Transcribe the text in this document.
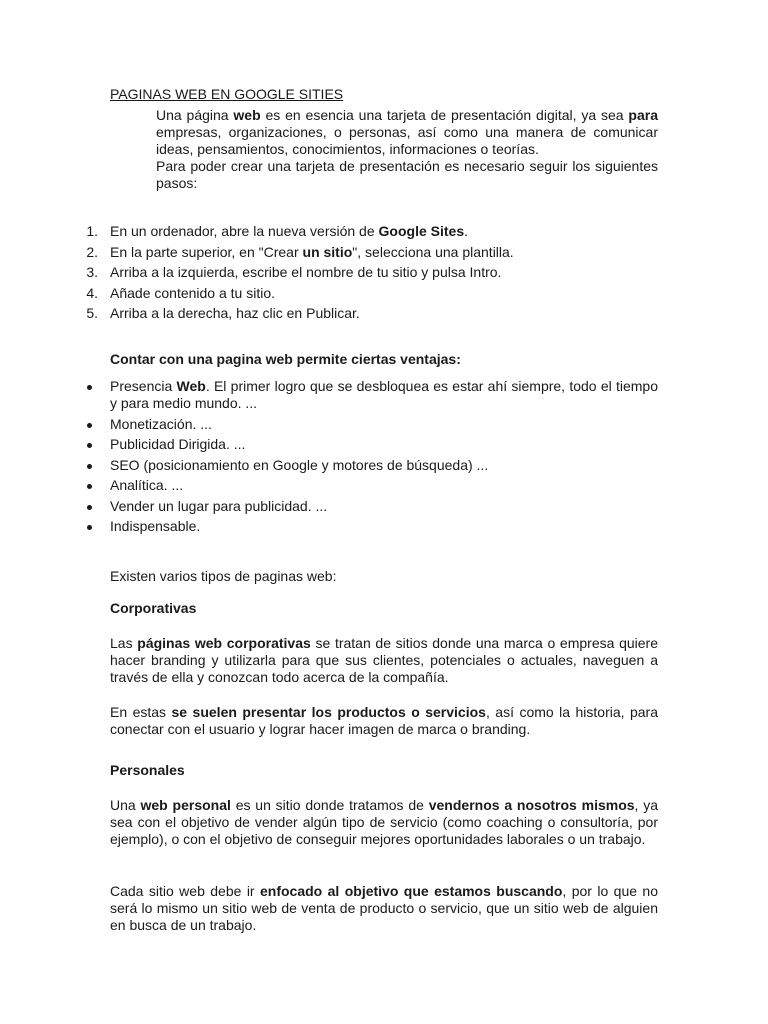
PAGINAS WEB EN GOOGLE SITIES
Una página web es en esencia una tarjeta de presentación digital, ya sea para empresas, organizaciones, o personas, así como una manera de comunicar ideas, pensamientos, conocimientos, informaciones o teorías.
Para poder crear una tarjeta de presentación es necesario seguir los siguientes pasos:
1. En un ordenador, abre la nueva versión de Google Sites.
2. En la parte superior, en "Crear un sitio", selecciona una plantilla.
3. Arriba a la izquierda, escribe el nombre de tu sitio y pulsa Intro.
4. Añade contenido a tu sitio.
5. Arriba a la derecha, haz clic en Publicar.
Contar con una pagina web permite ciertas ventajas:
Presencia Web. El primer logro que se desbloquea es estar ahí siempre, todo el tiempo y para medio mundo. ...
Monetización. ...
Publicidad Dirigida. ...
SEO (posicionamiento en Google y motores de búsqueda) ...
Analítica. ...
Vender un lugar para publicidad. ...
Indispensable.
Existen varios tipos de paginas web:
Corporativas
Las páginas web corporativas se tratan de sitios donde una marca o empresa quiere hacer branding y utilizarla para que sus clientes, potenciales o actuales, naveguen a través de ella y conozcan todo acerca de la compañía.
En estas se suelen presentar los productos o servicios, así como la historia, para conectar con el usuario y lograr hacer imagen de marca o branding.
Personales
Una web personal es un sitio donde tratamos de vendernos a nosotros mismos, ya sea con el objetivo de vender algún tipo de servicio (como coaching o consultoría, por ejemplo), o con el objetivo de conseguir mejores oportunidades laborales o un trabajo.
Cada sitio web debe ir enfocado al objetivo que estamos buscando, por lo que no será lo mismo un sitio web de venta de producto o servicio, que un sitio web de alguien en busca de un trabajo.
